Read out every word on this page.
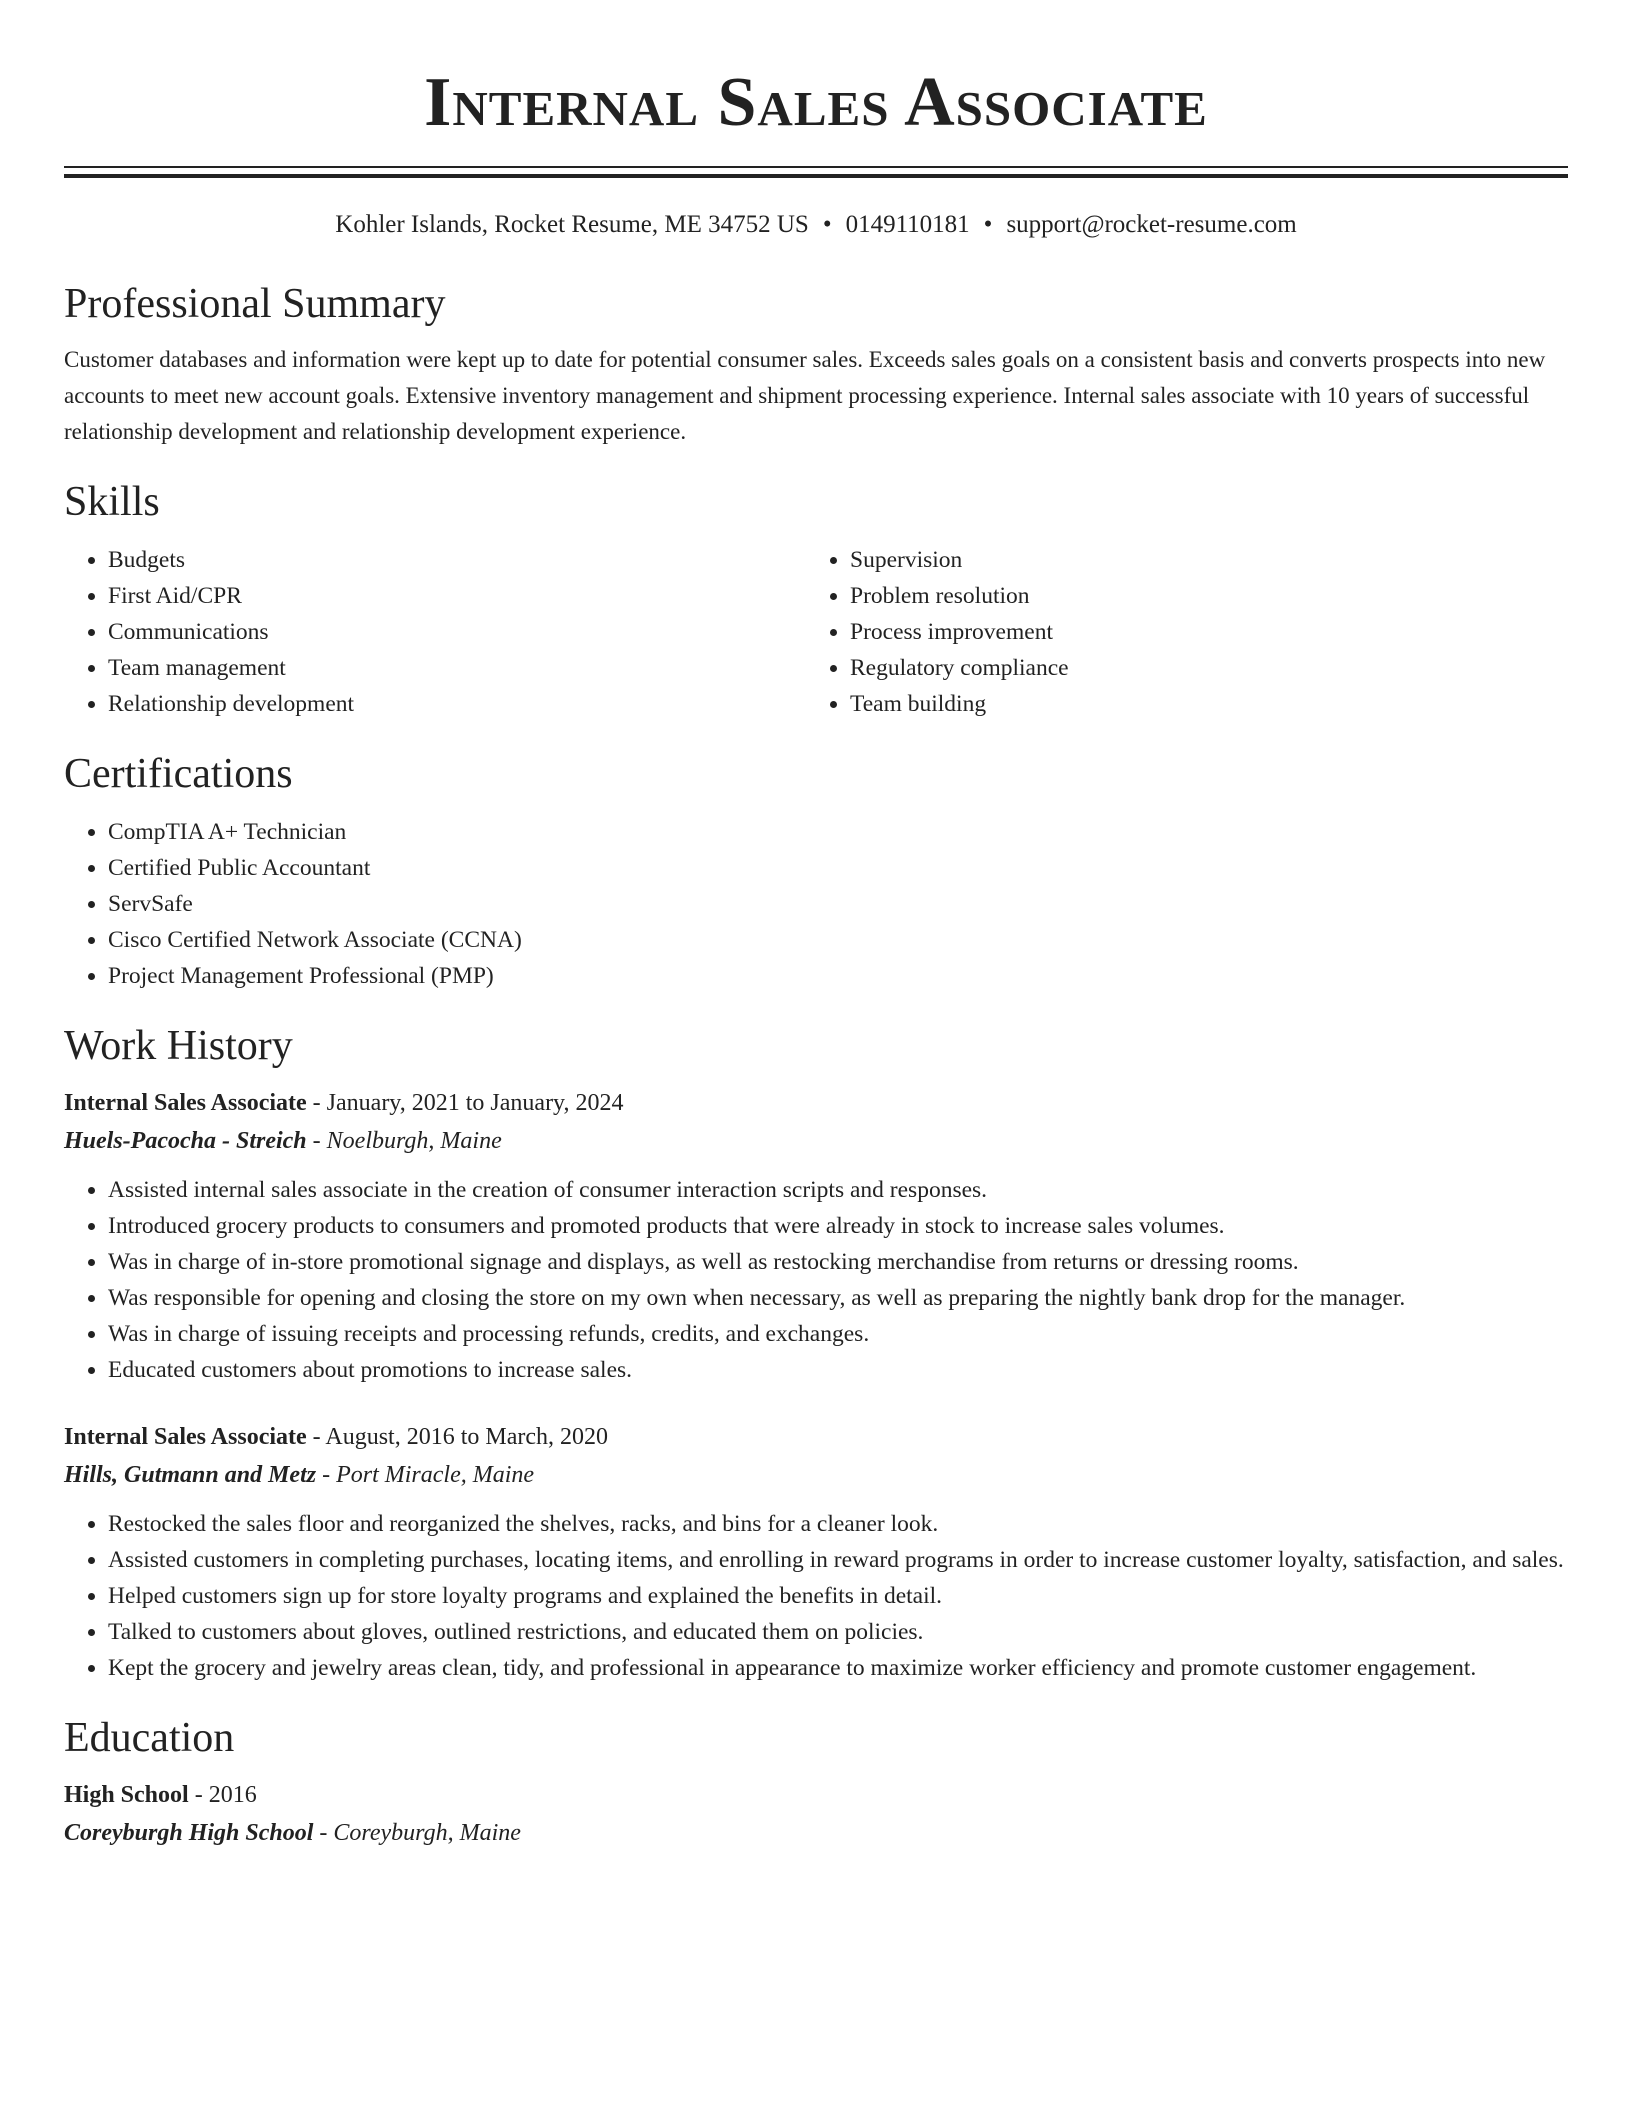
Internal Sales Associate
Kohler Islands, Rocket Resume, ME 34752 US • 0149110181 • support@rocket-resume.com
Professional Summary

Customer databases and information were kept up to date for potential consumer sales. Exceeds sales goals on a consistent basis and converts prospects into new accounts to meet new account goals. Extensive inventory management and shipment processing experience. Internal sales associate with 10 years of successful relationship development and relationship development experience.

Skills
• Budgets
• First Aid/CPR
• Communications
• Team management
• Relationship development
• Supervision
• Problem resolution
• Process improvement
• Regulatory compliance
• Team building
Certifications
• CompTIA A+ Technician
• Certified Public Accountant
• ServSafe
• Cisco Certified Network Associate (CCNA)
• Project Management Professional (PMP)
Work History
Internal Sales Associate - January, 2021 to January, 2024
Huels-Pacocha - Streich - Noelburgh, Maine
• Assisted internal sales associate in the creation of consumer interaction scripts and responses.
• Introduced grocery products to consumers and promoted products that were already in stock to increase sales volumes.
• Was in charge of in-store promotional signage and displays, as well as restocking merchandise from returns or dressing rooms.
• Was responsible for opening and closing the store on my own when necessary, as well as preparing the nightly bank drop for the manager.
• Was in charge of issuing receipts and processing refunds, credits, and exchanges.
• Educated customers about promotions to increase sales.
Internal Sales Associate - August, 2016 to March, 2020
Hills, Gutmann and Metz - Port Miracle, Maine
• Restocked the sales floor and reorganized the shelves, racks, and bins for a cleaner look.
• Assisted customers in completing purchases, locating items, and enrolling in reward programs in order to increase customer loyalty, satisfaction, and sales.
• Helped customers sign up for store loyalty programs and explained the benefits in detail.
• Talked to customers about gloves, outlined restrictions, and educated them on policies.
• Kept the grocery and jewelry areas clean, tidy, and professional in appearance to maximize worker efficiency and promote customer engagement.
Education
High School - 2016
Coreyburgh High School - Coreyburgh, Maine
